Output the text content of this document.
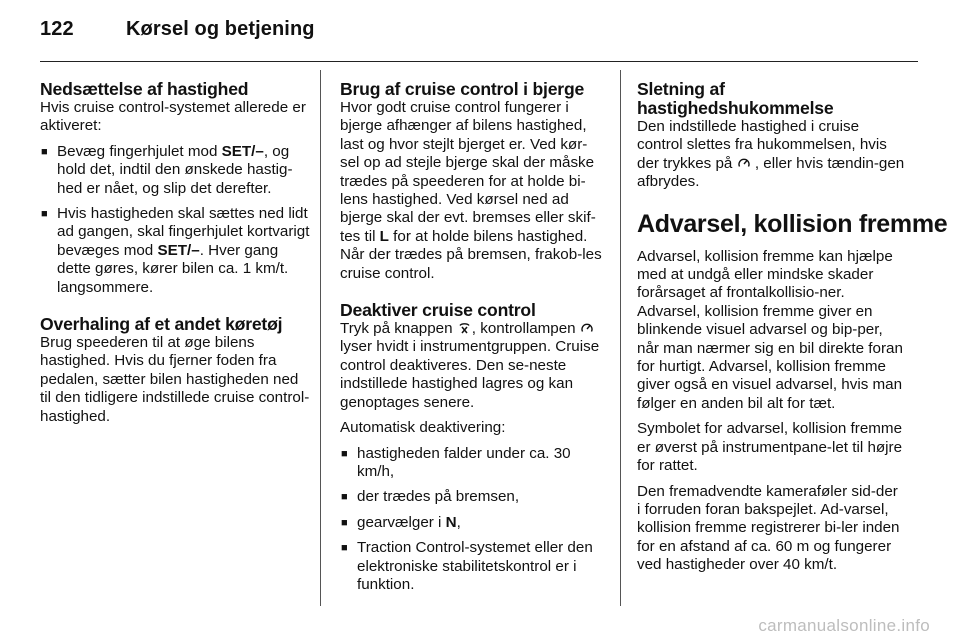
122	Kørsel og betjening
Nedsættelse af hastighed

Hvis cruise control-systemet allerede er aktiveret:

■ Bevæg fingerhjulet mod SET/–, og hold det, indtil den ønskede hastig-hed er nået, og slip det derefter.
■ Hvis hastigheden skal sættes ned lidt ad gangen, skal fingerhjulet kortvarigt bevæges mod SET/–. Hver gang dette gøres, kører bilen ca. 1 km/t. langsommere.
Overhaling af et andet køretøj

Brug speederen til at øge bilens hastighed. Hvis du fjerner foden fra pedalen, sætter bilen hastigheden ned til den tidligere indstillede cruise control-hastighed.

Brug af cruise control i bjerge

Hvor godt cruise control fungerer i bjerge afhænger af bilens hastighed, last og hvor stejlt bjerget er. Ved kør-sel op ad stejle bjerge skal der måske trædes på speederen for at holde bi-lens hastighed. Ved kørsel ned ad bjerge skal der evt. bremses eller skif-tes til L for at holde bilens hastighed. Når der trædes på bremsen, frakob-les cruise control.

Deaktiver cruise control

Tryk på knappen , kontrollampen  lyser hvidt i instrumentgruppen. Cruise control deaktiveres. Den se-neste indstillede hastighed lagres og kan genoptages senere.

Automatisk deaktivering:

■ hastigheden falder under ca. 30 km/h,
■ der trædes på bremsen,
■ gearvælger i N,
■ Traction Control-systemet eller den elektroniske stabilitetskontrol er i funktion.
Sletning af hastighedshukommelse

Den indstillede hastighed i cruise control slettes fra hukommelsen, hvis der trykkes på  , eller hvis tændin-gen afbrydes.

Advarsel, kollision fremme

Advarsel, kollision fremme kan hjælpe med at undgå eller mindske skader forårsaget af frontalkollisio-ner. Advarsel, kollision fremme giver en blinkende visuel advarsel og bip-per, når man nærmer sig en bil direkte foran for hurtigt. Advarsel, kollision fremme giver også en visuel advarsel, hvis man følger en anden bil alt for tæt.

Symbolet for advarsel, kollision fremme er øverst på instrumentpane-let til højre for rattet.

Den fremadvendte kameraføler sid-der i forruden foran bakspejlet. Ad-varsel, kollision fremme registrerer bi-ler inden for en afstand af ca. 60 m og fungerer ved hastigheder over 40 km/t.

carmanualsonline.info
